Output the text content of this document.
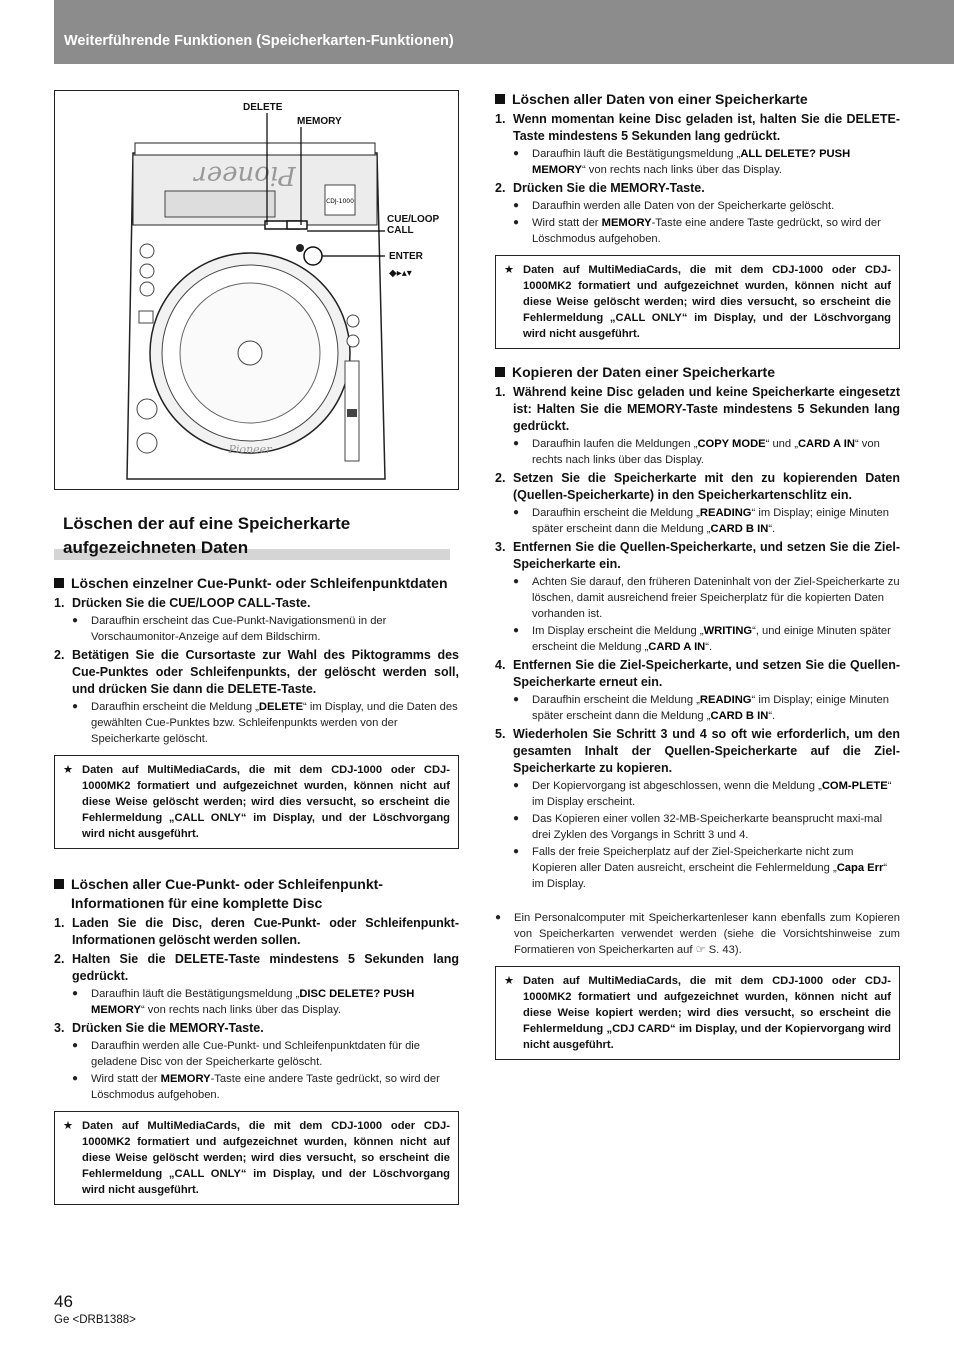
Weiterführende Funktionen (Speicherkarten-Funktionen)
Pioneer
CDJ-1000
Pioneer
DELETE
MEMORY
CUE/LOOP
CALL
ENTER
◆▸▴▾
Löschen der auf eine Speicherkarte
aufgezeichneten Daten
Löschen einzelner Cue-Punkt- oder Schleifenpunktdaten
1. Drücken Sie die CUE/LOOP CALL-Taste.
●	Daraufhin erscheint das Cue-Punkt-Navigationsmenü in der Vorschaumonitor-Anzeige auf dem Bildschirm.
2. Betätigen Sie die Cursortaste zur Wahl des Piktogramms des Cue-Punktes oder Schleifenpunkts, der gelöscht werden soll, und drücken Sie dann die DELETE-Taste.
●	Daraufhin erscheint die Meldung „DELETE“ im Display, und die Daten des gewählten Cue-Punktes bzw. Schleifenpunkts werden von der Speicherkarte gelöscht.
★ Daten auf MultiMediaCards, die mit dem CDJ-1000 oder CDJ-1000MK2 formatiert und aufgezeichnet wurden, können nicht auf diese Weise gelöscht werden; wird dies versucht, so erscheint die Fehlermeldung „CALL ONLY“ im Display, und der Löschvorgang wird nicht ausgeführt.
Löschen aller Cue-Punkt- oder Schleifenpunkt-Informationen für eine komplette Disc
1. Laden Sie die Disc, deren Cue-Punkt- oder Schleifenpunkt-Informationen gelöscht werden sollen.
2. Halten Sie die DELETE-Taste mindestens 5 Sekunden lang gedrückt.
●	Daraufhin läuft die Bestätigungsmeldung „DISC DELETE? PUSH MEMORY“ von rechts nach links über das Display.
3. Drücken Sie die MEMORY-Taste.
●	Daraufhin werden alle Cue-Punkt- und Schleifenpunktdaten für die geladene Disc von der Speicherkarte gelöscht.
●	Wird statt der MEMORY-Taste eine andere Taste gedrückt, so wird der Löschmodus aufgehoben.
★ Daten auf MultiMediaCards, die mit dem CDJ-1000 oder CDJ-1000MK2 formatiert und aufgezeichnet wurden, können nicht auf diese Weise gelöscht werden; wird dies versucht, so erscheint die Fehlermeldung „CALL ONLY“ im Display, und der Löschvorgang wird nicht ausgeführt.
Löschen aller Daten von einer Speicherkarte
1. Wenn momentan keine Disc geladen ist, halten Sie die DELETE-Taste mindestens 5 Sekunden lang gedrückt.
●	Daraufhin läuft die Bestätigungsmeldung „ALL DELETE? PUSH MEMORY“ von rechts nach links über das Display.
2. Drücken Sie die MEMORY-Taste.
●	Daraufhin werden alle Daten von der Speicherkarte gelöscht.
●	Wird statt der MEMORY-Taste eine andere Taste gedrückt, so wird der Löschmodus aufgehoben.
★ Daten auf MultiMediaCards, die mit dem CDJ-1000 oder CDJ-1000MK2 formatiert und aufgezeichnet wurden, können nicht auf diese Weise gelöscht werden; wird dies versucht, so erscheint die Fehlermeldung „CALL ONLY“ im Display, und der Löschvorgang wird nicht ausgeführt.
Kopieren der Daten einer Speicherkarte
1. Während keine Disc geladen und keine Speicherkarte eingesetzt ist: Halten Sie die MEMORY-Taste mindestens 5 Sekunden lang gedrückt.
●	Daraufhin laufen die Meldungen „COPY MODE“ und „CARD A IN“ von rechts nach links über das Display.
2. Setzen Sie die Speicherkarte mit den zu kopierenden Daten (Quellen-Speicherkarte) in den Speicherkartenschlitz ein.
●	Daraufhin erscheint die Meldung „READING“ im Display; einige Minuten später erscheint dann die Meldung „CARD B IN“.
3. Entfernen Sie die Quellen-Speicherkarte, und setzen Sie die Ziel-Speicherkarte ein.
●	Achten Sie darauf, den früheren Dateninhalt von der Ziel-Speicherkarte zu löschen, damit ausreichend freier Speicherplatz für die kopierten Daten vorhanden ist.
●	Im Display erscheint die Meldung „WRITING“, und einige Minuten später erscheint die Meldung „CARD A IN“.
4. Entfernen Sie die Ziel-Speicherkarte, und setzen Sie die Quellen-Speicherkarte erneut ein.
●	Daraufhin erscheint die Meldung „READING“ im Display; einige Minuten später erscheint dann die Meldung „CARD B IN“.
5. Wiederholen Sie Schritt 3 und 4 so oft wie erforderlich, um den gesamten Inhalt der Quellen-Speicherkarte auf die Ziel-Speicherkarte zu kopieren.
●	Der Kopiervorgang ist abgeschlossen, wenn die Meldung „COM-PLETE“ im Display erscheint.
●	Das Kopieren einer vollen 32-MB-Speicherkarte beansprucht maxi-mal drei Zyklen des Vorgangs in Schritt 3 und 4.
●	Falls der freie Speicherplatz auf der Ziel-Speicherkarte nicht zum Kopieren aller Daten ausreicht, erscheint die Fehlermeldung „Capa Err“ im Display.
●	Ein Personalcomputer mit Speicherkartenleser kann ebenfalls zum Kopieren von Speicherkarten verwendet werden (siehe die Vorsichtshinweise zum Formatieren von Speicherkarten auf ☞ S. 43).
★ Daten auf MultiMediaCards, die mit dem CDJ-1000 oder CDJ-1000MK2 formatiert und aufgezeichnet wurden, können nicht auf diese Weise kopiert werden; wird dies versucht, so erscheint die Fehlermeldung „CDJ CARD“ im Display, und der Kopiervorgang wird nicht ausgeführt.
46
Ge <DRB1388>
